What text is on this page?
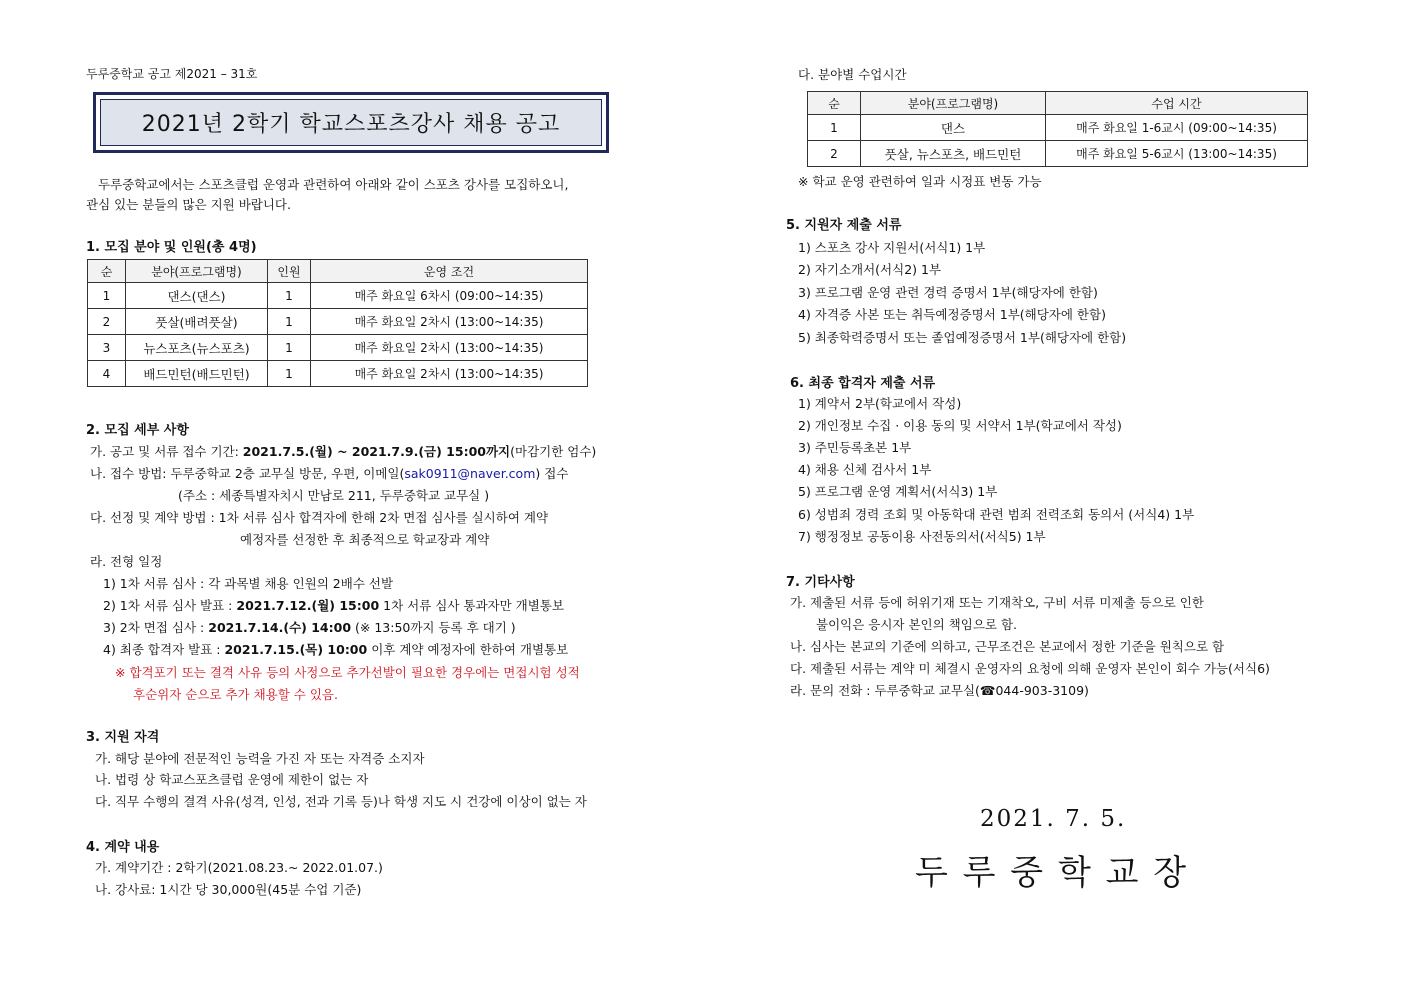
두루중학교 공고 제2021 – 31호
2021년 2학기 학교스포츠강사 채용 공고
두루중학교에서는 스포츠클럽 운영과 관련하여 아래와 같이 스포츠 강사를 모집하오니,
관심 있는 분들의 많은 지원 바랍니다.
1. 모집 분야 및 인원(총 4명)
순	분야(프로그램명)	인원	운영 조건
1	댄스(댄스)	1	매주 화요일 6차시 (09:00~14:35)
2	풋살(배려풋살)	1	매주 화요일 2차시 (13:00~14:35)
3	뉴스포츠(뉴스포츠)	1	매주 화요일 2차시 (13:00~14:35)
4	배드민턴(배드민턴)	1	매주 화요일 2차시 (13:00~14:35)
2. 모집 세부 사항
가. 공고 및 서류 접수 기간: 2021.7.5.(월) ~ 2021.7.9.(금) 15:00까지(마감기한 엄수)
나. 접수 방법: 두루중학교 2층 교무실 방문, 우편, 이메일(sak0911@naver.com) 접수
(주소 : 세종특별자치시 만남로 211, 두루중학교 교무실 )
다. 선정 및 계약 방법 : 1차 서류 심사 합격자에 한해 2차 면접 심사를 실시하여 계약
예정자를 선정한 후 최종적으로 학교장과 계약
라. 전형 일정
1) 1차 서류 심사 : 각 과목별 채용 인원의 2배수 선발
2) 1차 서류 심사 발표 : 2021.7.12.(월) 15:00 1차 서류 심사 통과자만 개별통보
3) 2차 면접 심사 : 2021.7.14.(수) 14:00 (※ 13:50까지 등록 후 대기 )
4) 최종 합격자 발표 : 2021.7.15.(목) 10:00 이후 계약 예정자에 한하여 개별통보
※ 합격포기 또는 결격 사유 등의 사정으로 추가선발이 필요한 경우에는 면접시험 성적
후순위자 순으로 추가 채용할 수 있음.
3. 지원 자격
가. 해당 분야에 전문적인 능력을 가진 자 또는 자격증 소지자
나. 법령 상 학교스포츠클럽 운영에 제한이 없는 자
다. 직무 수행의 결격 사유(성격, 인성, 전과 기록 등)나 학생 지도 시 건강에 이상이 없는 자
4. 계약 내용
가. 계약기간 : 2학기(2021.08.23.~ 2022.01.07.)
나. 강사료: 1시간 당 30,000원(45분 수업 기준)
다. 분야별 수업시간
순	분야(프로그램명)	수업 시간
1	댄스	매주 화요일 1-6교시 (09:00~14:35)
2	풋살, 뉴스포츠, 배드민턴	매주 화요일 5-6교시 (13:00~14:35)
※ 학교 운영 관련하여 일과 시정표 변동 가능
5. 지원자 제출 서류
1) 스포츠 강사 지원서(서식1) 1부
2) 자기소개서(서식2) 1부
3) 프로그램 운영 관련 경력 증명서 1부(해당자에 한함)
4) 자격증 사본 또는 취득예정증명서 1부(해당자에 한함)
5) 최종학력증명서 또는 졸업예정증명서 1부(해당자에 한함)
6. 최종 합격자 제출 서류
1) 계약서 2부(학교에서 작성)
2) 개인정보 수집 · 이용 동의 및 서약서 1부(학교에서 작성)
3) 주민등록초본 1부
4) 채용 신체 검사서 1부
5) 프로그램 운영 계획서(서식3) 1부
6) 성범죄 경력 조회 및 아동학대 관련 범죄 전력조회 동의서 (서식4) 1부
7) 행정정보 공동이용 사전동의서(서식5) 1부
7. 기타사항
가. 제출된 서류 등에 허위기재 또는 기재착오, 구비 서류 미제출 등으로 인한
불이익은 응시자 본인의 책임으로 함.
나. 심사는 본교의 기준에 의하고, 근무조건은 본교에서 정한 기준을 원칙으로 함
다. 제출된 서류는 계약 미 체결시 운영자의 요청에 의해 운영자 본인이 회수 가능(서식6)
라. 문의 전화 : 두루중학교 교무실(☎044-903-3109)
2021. 7. 5.
두 루 중 학 교 장
